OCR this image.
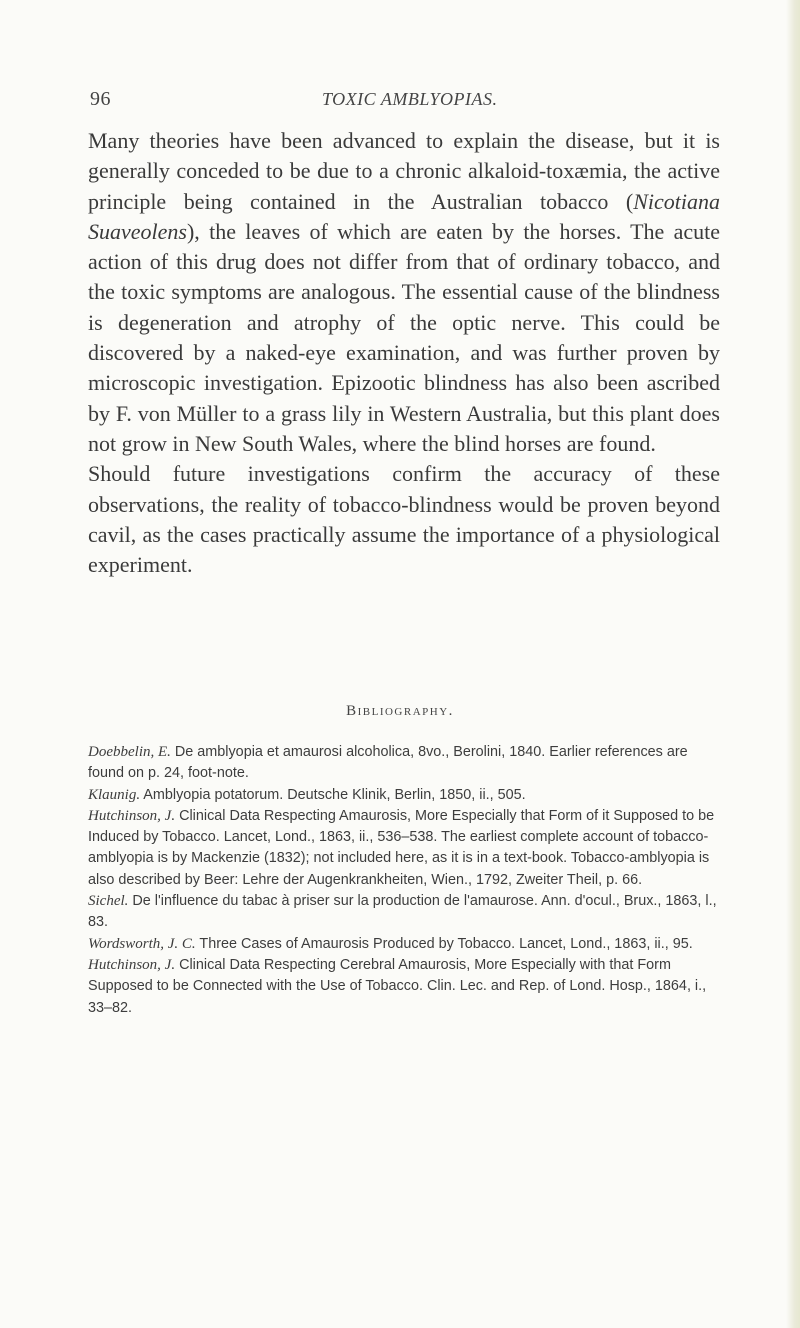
96	TOXIC AMBLYOPIAS.

Many theories have been advanced to explain the disease, but it is generally conceded to be due to a chronic alkaloid-toxæmia, the active principle being contained in the Australian tobacco (Nicotiana Suaveolens), the leaves of which are eaten by the horses. The acute action of this drug does not differ from that of ordinary tobacco, and the toxic symptoms are analogous. The essential cause of the blindness is degeneration and atrophy of the optic nerve. This could be discovered by a naked-eye examination, and was further proven by microscopic investigation. Epizootic blindness has also been ascribed by F. von Müller to a grass lily in Western Australia, but this plant does not grow in New South Wales, where the blind horses are found.

Should future investigations confirm the accuracy of these observations, the reality of tobacco-blindness would be proven beyond cavil, as the cases practically assume the importance of a physiological experiment.

Bibliography.

Doebbelin, E. De amblyopia et amaurosi alcoholica, 8vo., Berolini, 1840. Earlier references are found on p. 24, foot-note.

Klaunig. Amblyopia potatorum. Deutsche Klinik, Berlin, 1850, ii., 505.

Hutchinson, J. Clinical Data Respecting Amaurosis, More Especially that Form of it Supposed to be Induced by Tobacco. Lancet, Lond., 1863, ii., 536–538. The earliest complete account of tobacco-amblyopia is by Mackenzie (1832); not included here, as it is in a text-book. Tobacco-amblyopia is also described by Beer: Lehre der Augenkrankheiten, Wien., 1792, Zweiter Theil, p. 66.

Sichel. De l'influence du tabac à priser sur la production de l'amaurose. Ann. d'ocul., Brux., 1863, l., 83.

Wordsworth, J. C. Three Cases of Amaurosis Produced by Tobacco. Lancet, Lond., 1863, ii., 95.

Hutchinson, J. Clinical Data Respecting Cerebral Amaurosis, More Especially with that Form Supposed to be Connected with the Use of Tobacco. Clin. Lec. and Rep. of Lond. Hosp., 1864, i., 33–82.
